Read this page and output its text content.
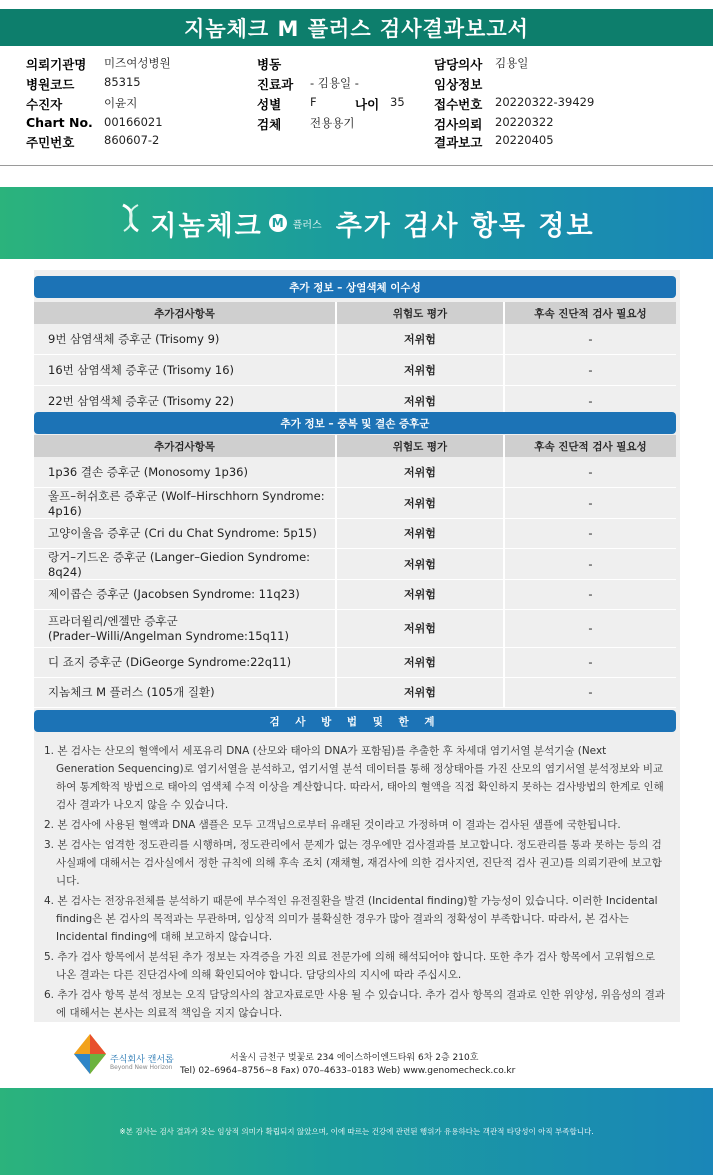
지놈체크 M 플러스 검사결과보고서
의뢰기관명 미즈여성병원	병동	담당의사 김용일
병원코드	85315	진료과 - 김용일 -	임상정보
수진자	이윤지	성별	F	나이 35 접수번호 20220322-39429
Chart No. 00166021	검체	전용용기	검사의뢰 20220322
주민번호	860607-2	결과보고 20220405
지놈체크 M 플러스 추가 검사 항목 정보
추가 정보 – 상염색체 이수성
추가검사항목	위험도 평가	후속 진단적 검사 필요성
9번 삼염색체 증후군 (Trisomy 9)	저위험	-
16번 삼염색체 증후군 (Trisomy 16)	저위험	-
22번 삼염색체 증후군 (Trisomy 22)	저위험	-
추가 정보 – 중복 및 결손 증후군
추가검사항목	위험도 평가	후속 진단적 검사 필요성
1p36 결손 증후군 (Monosomy 1p36)	저위험	-
울프–허쉬호른 증후군 (Wolf–Hirschhorn Syndrome: 4p16)	저위험	-
고양이울음 증후군 (Cri du Chat Syndrome: 5p15)	저위험	-
랑거–기드온 증후군 (Langer–Giedion Syndrome: 8q24)	저위험	-
제이콥슨 증후군 (Jacobsen Syndrome: 11q23)	저위험	-
프라더윌리/엔젤만 증후군
(Prader–Willi/Angelman Syndrome:15q11)	저위험	-
디 죠지 증후군 (DiGeorge Syndrome:22q11)	저위험	-
지놈체크 M 플러스 (105개 질환)	저위험	-
검 사 방 법 및 한 계

1. 본 검사는 산모의 혈액에서 세포유리 DNA (산모와 태아의 DNA가 포함됨)를 추출한 후 차세대 염기서열 분석기술 (Next Generation Sequencing)로 염기서열을 분석하고, 염기서열 분석 데이터를 통해 정상태아를 가진 산모의 염기서열 분석정보와 비교하여 통계학적 방법으로 태아의 염색체 수적 이상을 계산합니다. 따라서, 태아의 혈액을 직접 확인하지 못하는 검사방법의 한계로 인해 검사 결과가 나오지 않을 수 있습니다.

2. 본 검사에 사용된 혈액과 DNA 샘플은 모두 고객님으로부터 유래된 것이라고 가정하며 이 결과는 검사된 샘플에 국한됩니다.

3. 본 검사는 엄격한 정도관리를 시행하며, 정도관리에서 문제가 없는 경우에만 검사결과를 보고합니다. 정도관리를 통과 못하는 등의 검사실패에 대해서는 검사실에서 정한 규칙에 의해 후속 조치 (재채혈, 재검사에 의한 검사지연, 진단적 검사 권고)를 의뢰기관에 보고합니다.

4. 본 검사는 전장유전체를 분석하기 때문에 부수적인 유전질환을 발견 (Incidental finding)할 가능성이 있습니다. 이러한 Incidental finding은 본 검사의 목적과는 무관하며, 임상적 의미가 불확실한 경우가 많아 결과의 정확성이 부족합니다. 따라서, 본 검사는 Incidental finding에 대해 보고하지 않습니다.

5. 추가 검사 항목에서 분석된 추가 정보는 자격증을 가진 의료 전문가에 의해 해석되어야 합니다. 또한 추가 검사 항목에서 고위험으로 나온 결과는 다른 진단검사에 의해 확인되어야 합니다. 담당의사의 지시에 따라 주십시오.

6. 추가 검사 항목 분석 정보는 오직 담당의사의 참고자료로만 사용 될 수 있습니다. 추가 검사 항목의 결과로 인한 위양성, 위음성의 결과에 대해서는 본사는 의료적 책임을 지지 않습니다.

주식회사 캔서롭
Beyond New Horizon
서울시 금천구 벚꽃로 234 에이스하이엔드타워 6차 2층 210호
Tel) 02–6964–8756~8 Fax) 070–4633–0183 Web) www.genomecheck.co.kr
※본 검사는 검사 결과가 갖는 임상적 의미가 확립되지 않았으며, 이에 따르는 건강에 관련된 행위가 유용하다는 객관적 타당성이 아직 부족합니다.
